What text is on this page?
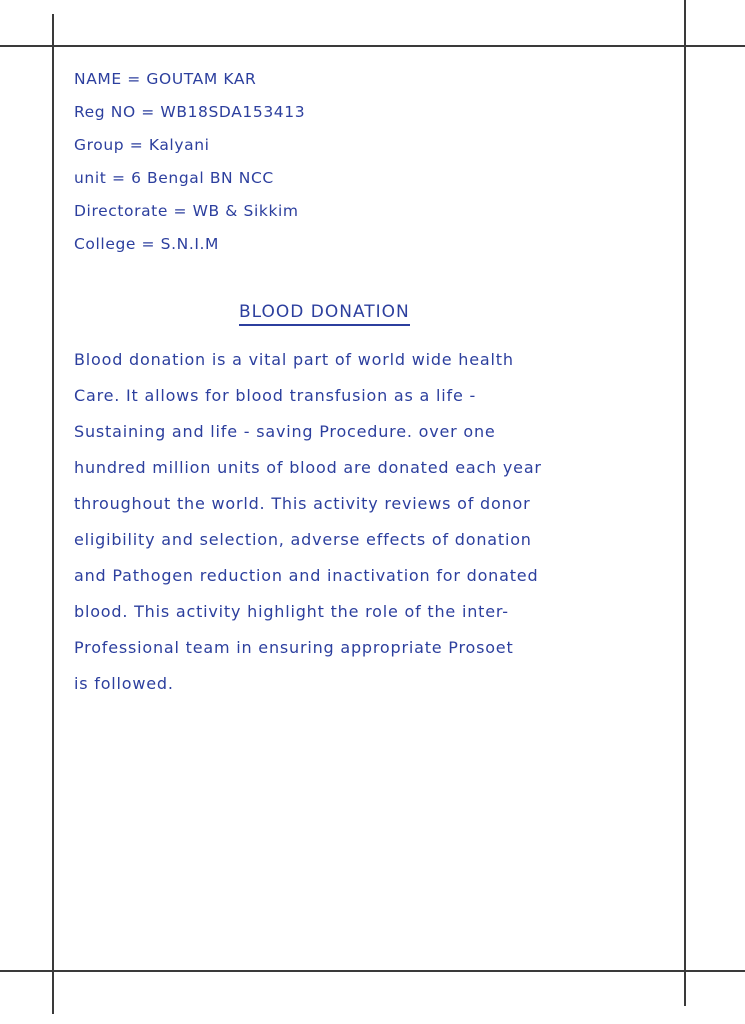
NAME = GOUTAM KAR
Reg NO = WB18SDA153413
Group = Kalyani
unit = 6 Bengal BN NCC
Directorate = WB & Sikkim
College = S.N.I.M
BLOOD DONATION
Blood donation is a vital part of world wide health
Care. It allows for blood transfusion as a life -
Sustaining and life - saving Procedure. over one
hundred million units of blood are donated each year
throughout the world. This activity reviews of donor
eligibility and selection, adverse effects of donation
and Pathogen reduction and inactivation for donated
blood. This activity highlight the role of the inter-
Professional team in ensuring appropriate Prosoet
is followed.
